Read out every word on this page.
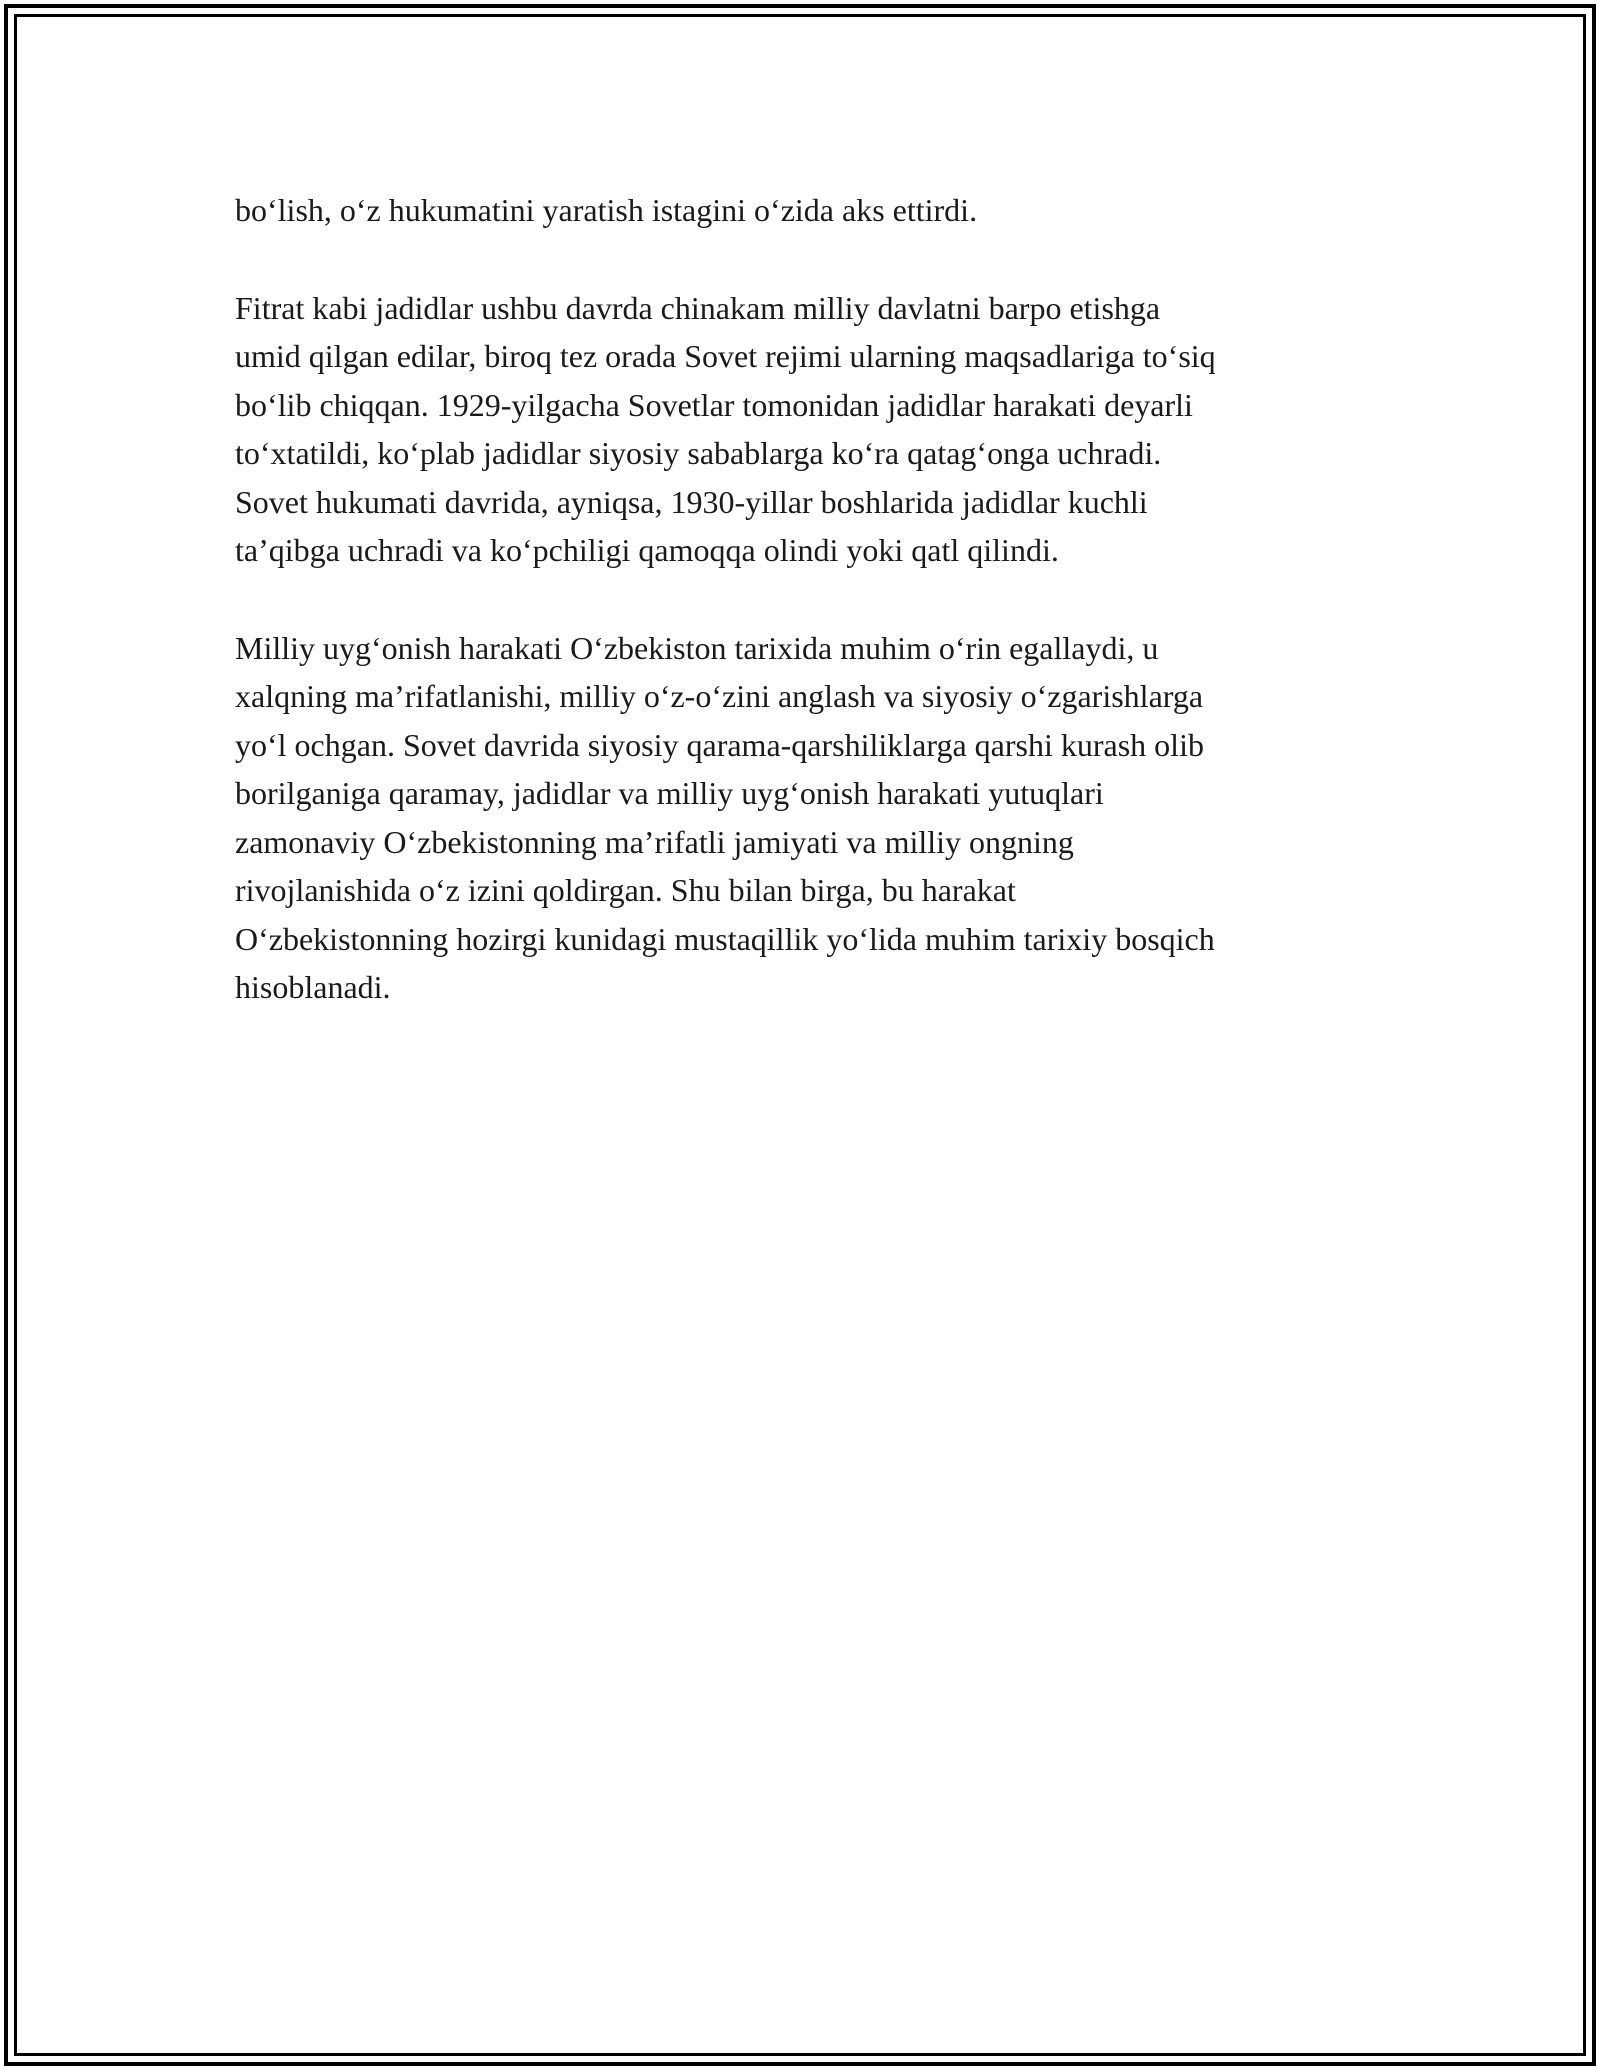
bo‘lish, o‘z hukumatini yaratish istagini o‘zida aks ettirdi.

Fitrat kabi jadidlar ushbu davrda chinakam milliy davlatni barpo etishga
umid qilgan edilar, biroq tez orada Sovet rejimi ularning maqsadlariga to‘siq
bo‘lib chiqqan. 1929-yilgacha Sovetlar tomonidan jadidlar harakati deyarli
to‘xtatildi, ko‘plab jadidlar siyosiy sabablarga ko‘ra qatag‘onga uchradi.
Sovet hukumati davrida, ayniqsa, 1930-yillar boshlarida jadidlar kuchli
ta’qibga uchradi va ko‘pchiligi qamoqqa olindi yoki qatl qilindi.

Milliy uyg‘onish harakati O‘zbekiston tarixida muhim o‘rin egallaydi, u
xalqning ma’rifatlanishi, milliy o‘z-o‘zini anglash va siyosiy o‘zgarishlarga
yo‘l ochgan. Sovet davrida siyosiy qarama-qarshiliklarga qarshi kurash olib
borilganiga qaramay, jadidlar va milliy uyg‘onish harakati yutuqlari
zamonaviy O‘zbekistonning ma’rifatli jamiyati va milliy ongning
rivojlanishida o‘z izini qoldirgan. Shu bilan birga, bu harakat
O‘zbekistonning hozirgi kunidagi mustaqillik yo‘lida muhim tarixiy bosqich
hisoblanadi.
